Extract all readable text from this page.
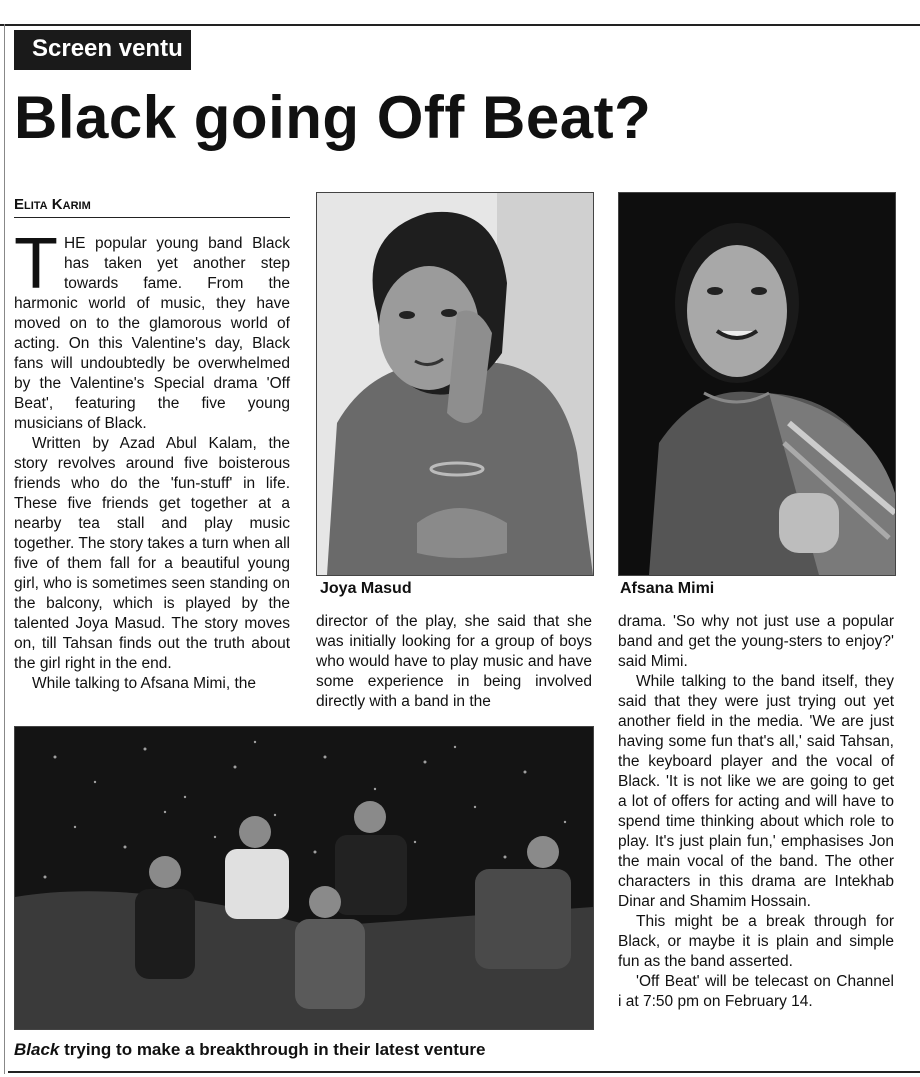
Screen ventu
Black going Off Beat?
Elita Karim

THE popular young band Black has taken yet another step towards fame. From the harmonic world of music, they have moved on to the glamorous world of acting. On this Valentine's day, Black fans will undoubtedly be overwhelmed by the Valentine's Special drama 'Off Beat', featuring the five young musicians of Black.

Written by Azad Abul Kalam, the story revolves around five boisterous friends who do the 'fun-stuff' in life. These five friends get together at a nearby tea stall and play music together. The story takes a turn when all five of them fall for a beautiful young girl, who is sometimes seen standing on the balcony, which is played by the talented Joya Masud. The story moves on, till Tahsan finds out the truth about the girl right in the end.

While talking to Afsana Mimi, the

Joya Masud	Afsana Mimi

director of the play, she said that she was initially looking for a group of boys who would have to play music and have some experience in being involved directly with a band in the

drama. 'So why not just use a popular band and get the young-sters to enjoy?' said Mimi.

While talking to the band itself, they said that they were just trying out yet another field in the media. 'We are just having some fun that's all,' said Tahsan, the keyboard player and the vocal of Black. 'It is not like we are going to get a lot of offers for acting and will have to spend time thinking about which role to play. It's just plain fun,' emphasises Jon the main vocal of the band. The other characters in this drama are Intekhab Dinar and Shamim Hossain.

This might be a break through for Black, or maybe it is plain and simple fun as the band asserted.

'Off Beat' will be telecast on Channel i at 7:50 pm on February 14.

Black trying to make a breakthrough in their latest venture
